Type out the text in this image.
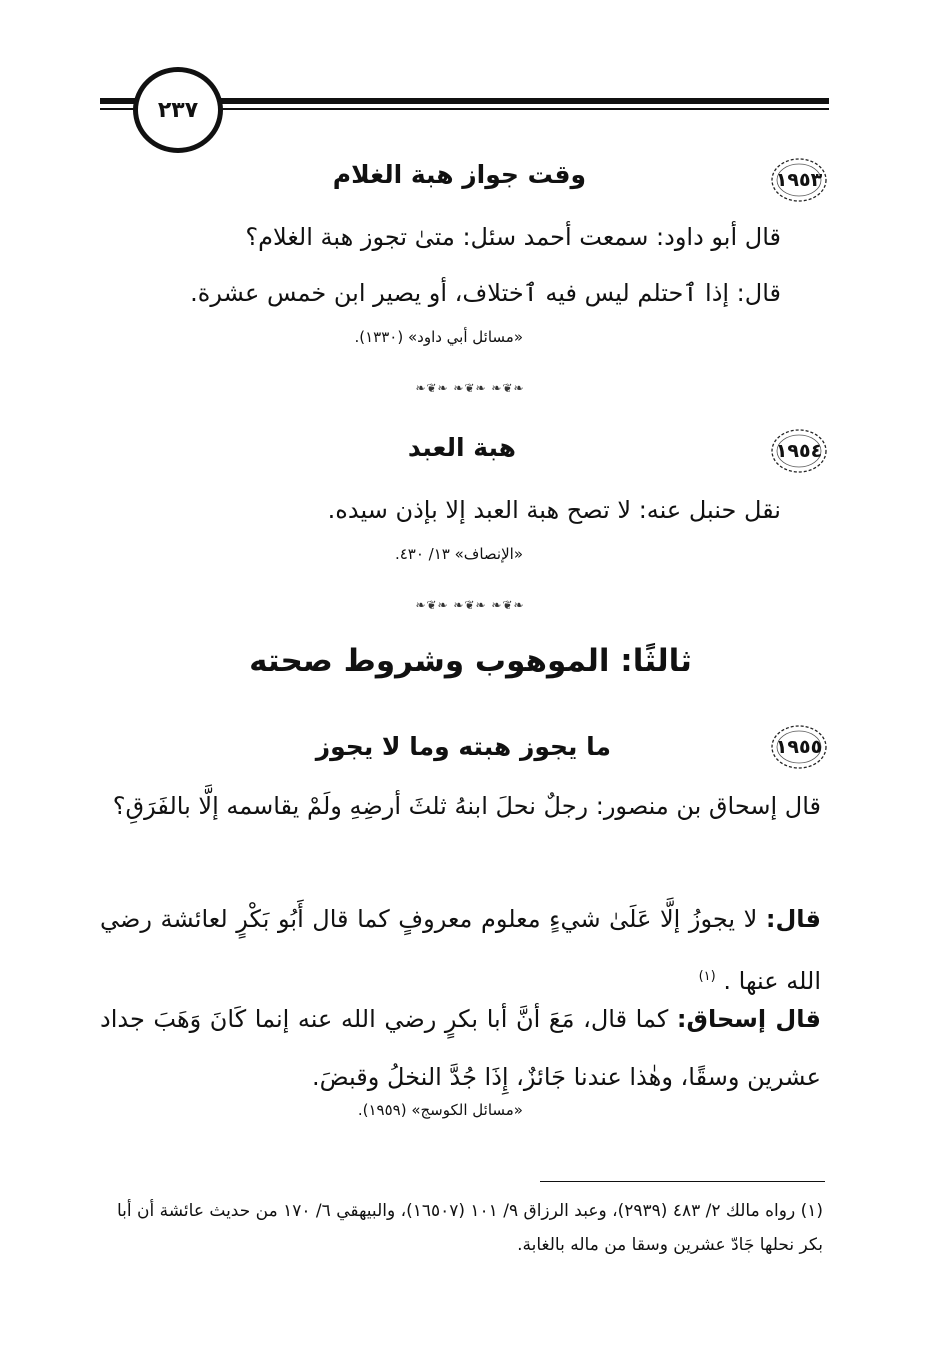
٢٣٧
١٩٥٣
وقت جواز هبة الغلام
قال أبو داود: سمعت أحمد سئل: متىٰ تجوز هبة الغلام؟
قال: إذا ٱحتلم ليس فيه ٱختلاف، أو يصير ابن خمس عشرة.
«مسائل أبي داود» (١٣٣٠).
❧❦❧ ❧❦❧ ❧❦❧
١٩٥٤
هبة العبد
نقل حنبل عنه: لا تصح هبة العبد إلا بإذن سيده.
«الإنصاف» ١٣/ ٤٣٠.
❧❦❧ ❧❦❧ ❧❦❧
ثالثًا: الموهوب وشروط صحته
١٩٥٥
ما يجوز هبته وما لا يجوز
قال إسحاق بن منصور: رجلٌ نحلَ ابنهُ ثلثَ أرضِهِ ولَمْ يقاسمه إلَّا بالفَرَقِ؟
قال: لا يجوزُ إلَّا عَلَىٰ شيءٍ معلوم معروفٍ كما قال أَبُو بَكْرٍ لعائشة رضي الله عنها . $^{(١)}$
قال إسحاق: كما قال، مَعَ أنَّ أبا بكرٍ رضي الله عنه إنما كَانَ وَهَبَ جداد عشرين وسقًا، وهٰذا عندنا جَائزٌ، إِذَا جُدَّ النخلُ وقبضَ.
«مسائل الكوسج» (١٩٥٩).
(١) رواه مالك ٢/ ٤٨٣ (٢٩٣٩)، وعبد الرزاق ٩/ ١٠١ (١٦٥٠٧)، والبيهقي ٦/ ١٧٠ من حديث عائشة أن أبا بكر نحلها جَادّ عشرين وسقا من ماله بالغابة.
